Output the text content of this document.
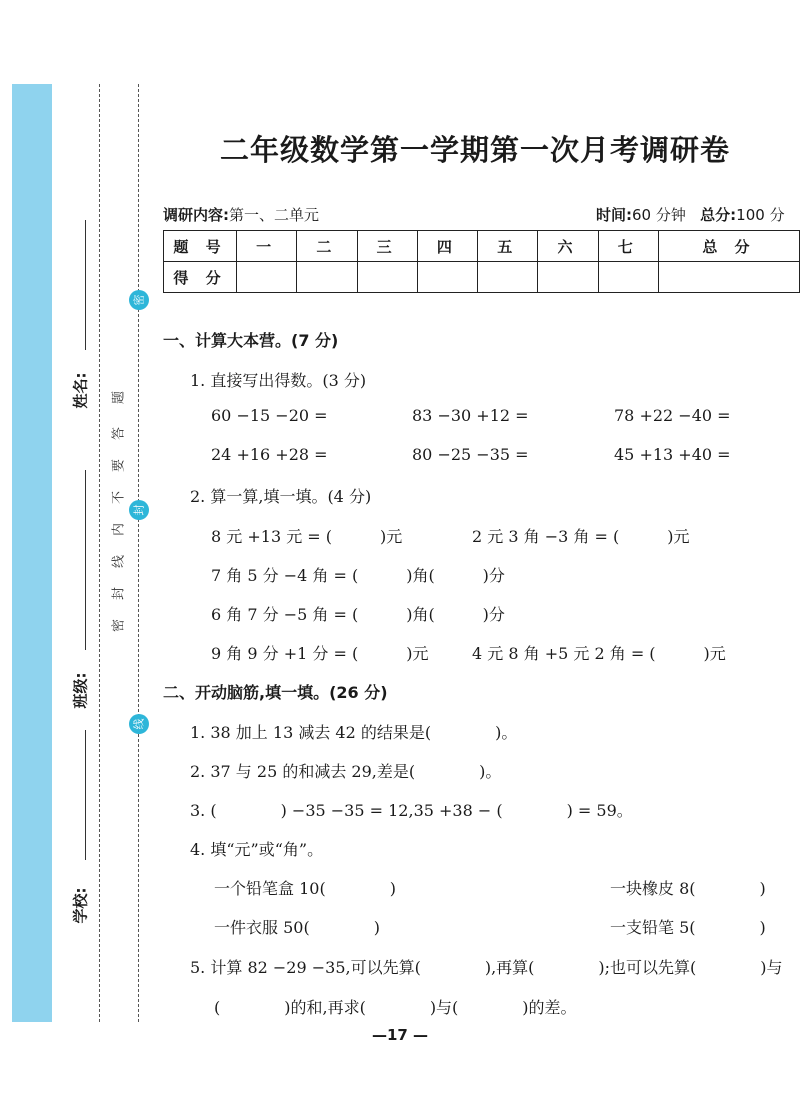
姓名:
班级:
学校:
密
封
线
题
答
要
不
内
线
封
密
二年级数学第一学期第一次月考调研卷
调研内容:第一、二单元	时间:60 分钟 总分:100 分
题 号	一	二	三	四	五	六	七	总 分
得 分								
一、计算大本营。(7 分)
1. 直接写出得数。(3 分)
60 −15 −20 =	83 −30 +12 =	78 +22 −40 =
24 +16 +28 =	80 −25 −35 =	45 +13 +40 =
2. 算一算,填一填。(4 分)
8 元 +13 元 = (　　　)元	2 元 3 角 −3 角 = (　　　)元
7 角 5 分 −4 角 = (　　　)角(　　　)分
6 角 7 分 −5 角 = (　　　)角(　　　)分
9 角 9 分 +1 分 = (　　　)元	4 元 8 角 +5 元 2 角 = (　　　)元
二、开动脑筋,填一填。(26 分)
1. 38 加上 13 减去 42 的结果是(　　　　)。
2. 37 与 25 的和减去 29,差是(　　　　)。
3. (　　　　) −35 −35 = 12,35 +38 − (　　　　) = 59。
4. 填“元”或“角”。
一个铅笔盒 10(　　　　)	一块橡皮 8(　　　　)
一件衣服 50(　　　　)	一支铅笔 5(　　　　)
5. 计算 82 −29 −35,可以先算(　　　　),再算(　　　　);也可以先算(　　　　)与
(　　　　)的和,再求(　　　　)与(　　　　)的差。
—17 —
